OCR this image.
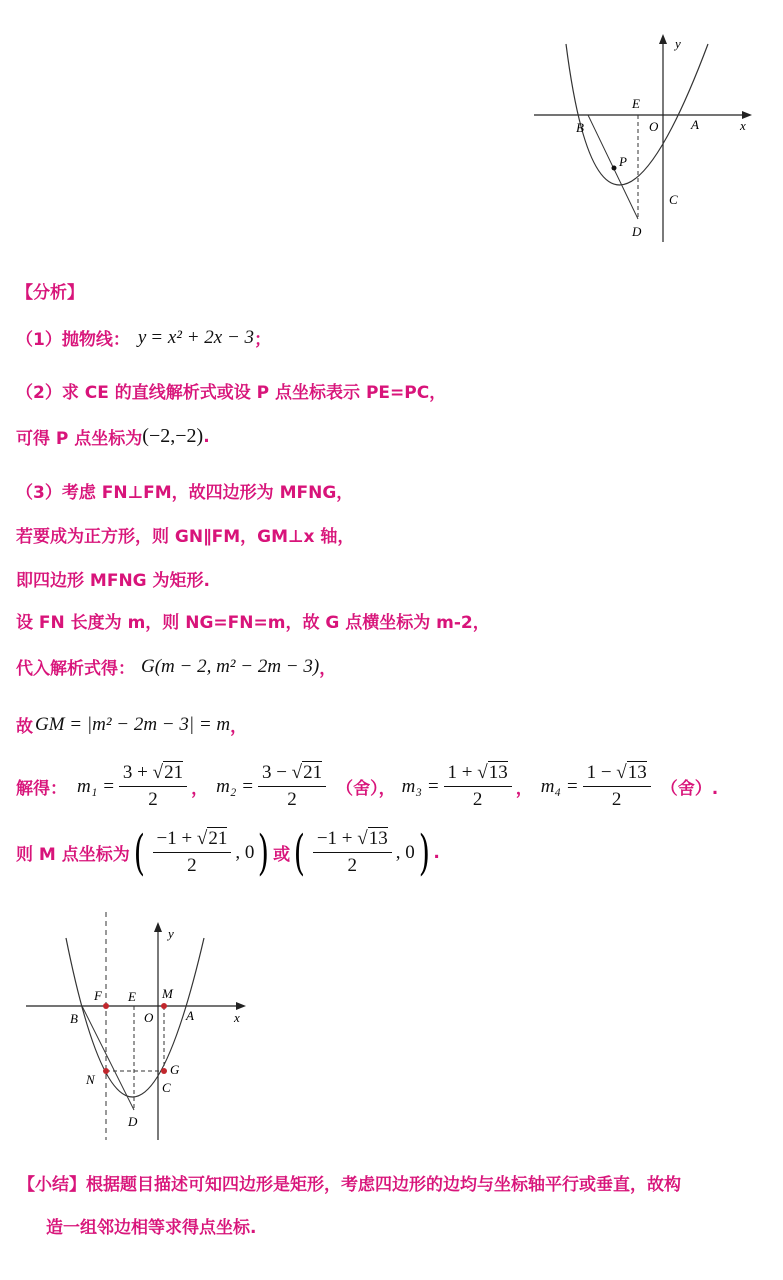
y
x
E
O	A
B
P
C
D
【分析】
（1）抛物线： y = x² + 2x − 3 ；
（2）求 CE 的直线解析式或设 P 点坐标表示 PE=PC，
可得 P 点坐标为 (−2,−2) .
（3）考虑 FN⊥FM，故四边形为 MFNG，
若要成为正方形，则 GN∥FM，GM⊥x 轴，
即四边形 MFNG 为矩形.
设 FN 长度为 m，则 NG=FN=m，故 G 点横坐标为 m-2，
代入解析式得： G(m − 2, m² − 2m − 3) ，
故 GM = |m² − 2m − 3| = m ，
解得： $m_1 = \frac{3 + √21}{2}$ ， $m_2 = \frac{3 - √21}{2}$ （舍）， $m_3 = \frac{1 + √13}{2}$ ， $m_4 = \frac{1 - √13}{2}$ （舍）.
则 M 点坐标为 ( $\frac{-1 + √21}{2}$ , 0 ) 或 ( $\frac{-1 + √13}{2}$ , 0 ) .
y
x
F E M
O	A
B
N
G
C
D
【小结】根据题目描述可知四边形是矩形，考虑四边形的边均与坐标轴平行或垂直，故构
造一组邻边相等求得点坐标.
